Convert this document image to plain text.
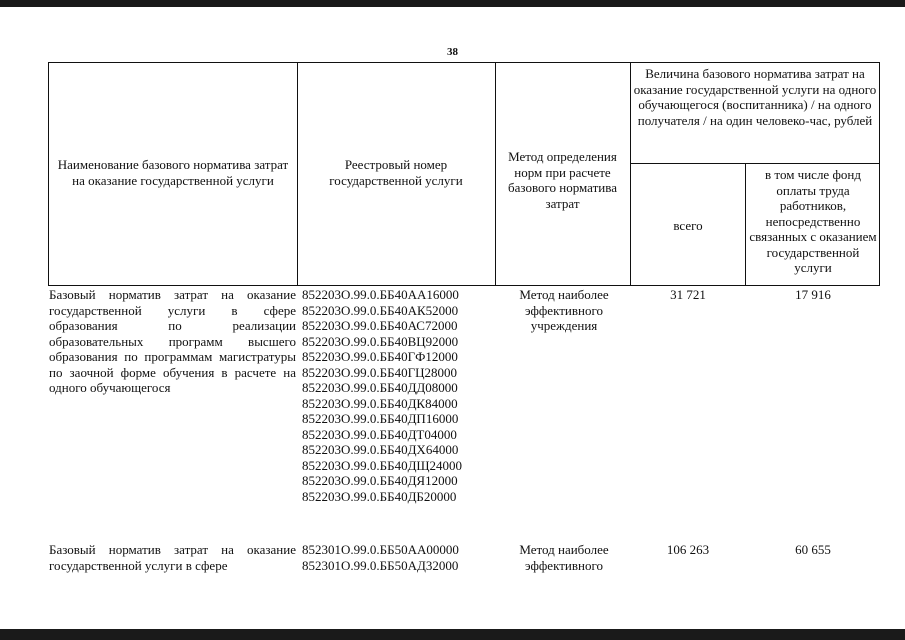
38
Наименование базового норматива затрат на оказание государственной услуги
Реестровый номер государственной услуги
Метод определения норм при расчете базового норматива затрат
Величина базового норматива затрат на оказание государственной услуги на одного обучающегося (воспитанника) / на одного получателя / на один человеко-час, рублей
всего
в том числе фонд оплаты труда работников, непосредственно связанных с оказанием государственной услуги
Базовый норматив затрат на оказание государственной услуги в сфере образования по реализации образовательных программ высшего образования по программам магистратуры по заочной форме обучения в расчете на одного обучающегося
852203О.99.0.ББ40АА16000
852203О.99.0.ББ40АК52000
852203О.99.0.ББ40АС72000
852203О.99.0.ББ40ВЦ92000
852203О.99.0.ББ40ГФ12000
852203О.99.0.ББ40ГЦ28000
852203О.99.0.ББ40ДД08000
852203О.99.0.ББ40ДК84000
852203О.99.0.ББ40ДП16000
852203О.99.0.ББ40ДТ04000
852203О.99.0.ББ40ДХ64000
852203О.99.0.ББ40ДЩ24000
852203О.99.0.ББ40ДЯ12000
852203О.99.0.ББ40ДБ20000
Метод наиболее эффективного учреждения
31 721	17 916
Базовый норматив затрат на оказание государственной услуги в сфере
852301О.99.0.ББ50АА00000
852301О.99.0.ББ50АД32000
Метод наиболее эффективного
106 263	60 655
